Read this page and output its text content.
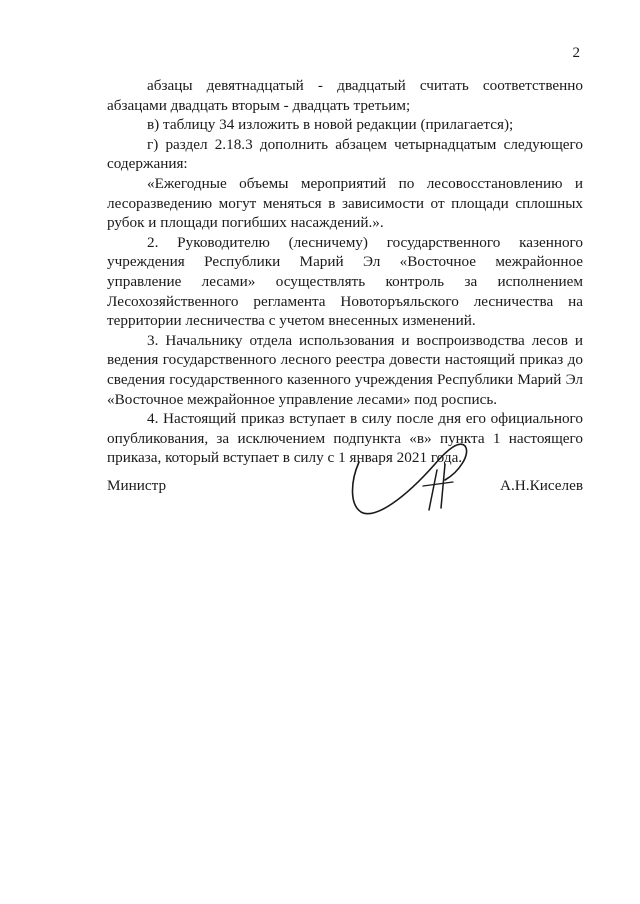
2

абзацы девятнадцатый - двадцатый считать соответственно абзацами двадцать вторым - двадцать третьим;

в) таблицу 34 изложить в новой редакции (прилагается);

г) раздел 2.18.3 дополнить абзацем четырнадцатым следующего содержания:

«Ежегодные объемы мероприятий по лесовосстановлению и лесоразведению могут меняться в зависимости от площади сплошных рубок и площади погибших насаждений.».

2. Руководителю (лесничему) государственного казенного учреждения Республики Марий Эл «Восточное межрайонное управление лесами» осуществлять контроль за исполнением Лесохозяйственного регламента Новоторъяльского лесничества на территории лесничества с учетом внесенных изменений.

3. Начальнику отдела использования и воспроизводства лесов и ведения государственного лесного реестра довести настоящий приказ до сведения государственного казенного учреждения Республики Марий Эл «Восточное межрайонное управление лесами» под роспись.

4. Настоящий приказ вступает в силу после дня его официального опубликования, за исключением подпункта «в» пункта 1 настоящего приказа, который вступает в силу с 1 января 2021 года.

Министр	А.Н.Киселев
